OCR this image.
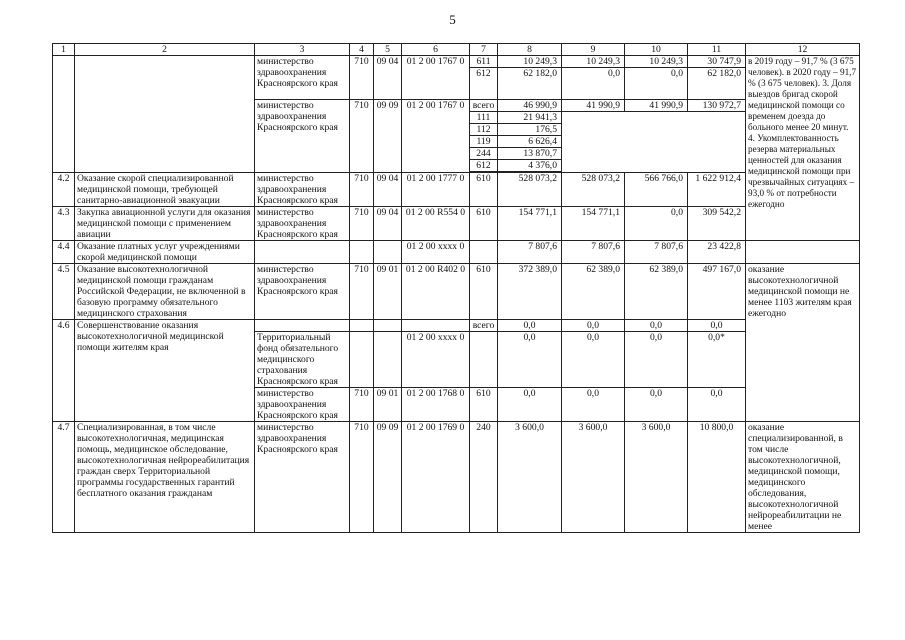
5
1	2	3	4	5	6	7	8	9	10	11	12
		министерство здравоохранения Красноярского края	710	09 04	01 2 00 1767 0	611	10 249,3	10 249,3	10 249,3	30 747,9	в 2019 году – 91,7 % (3 675 человек). в 2020 году – 91,7 % (3 675 человек). 3. Доля выездов бригад скорой медицинской помощи со временем доезда до больного менее 20 минут. 4. Укомплектованность резерва материальных ценностей для оказания медицинской помощи при чрезвычайных ситуациях – 93,0 % от потребности ежегодно
						612	62 182,0	0,0	0,0	62 182,0	
		министерство здравоохранения Красноярского края	710	09 09	01 2 00 1767 0	всего	46 990,9	41 990,9	41 990,9	130 972,7	
						111	21 941,3				
						112	176,5				
						119	6 626,4				
						244	13 870,7				
						612	4 376,0				

4.2	Оказание скорой специализированной медицинской помощи, требующей санитарно-авиационной эвакуации	министерство здравоохранения Красноярского края	710	09 04	01 2 00 1777 0	610	528 073,2	528 073,2	566 766,0	1 622 912,4	
4.3	Закупка авиационной услуги для оказания медицинской помощи с применением авиации	министерство здравоохранения Красноярского края	710	09 04	01 2 00 R554 0	610	154 771,1	154 771,1	0,0	309 542,2	
4.4	Оказание платных услуг учреждениями скорой медицинской помощи				01 2 00 xxxx 0		7 807,6	7 807,6	7 807,6	23 422,8	
4.5	Оказание высокотехнологичной медицинской помощи гражданам Российской Федерации, не включенной в базовую программу обязательного медицинского страхования	министерство здравоохранения Красноярского края	710	09 01	01 2 00 R402 0	610	372 389,0	62 389,0	62 389,0	497 167,0	оказание высокотехнологичной медицинской помощи не менее 1103 жителям края ежегодно
4.6	Совершенствование оказания высокотехнологичной медицинской помощи жителям края					всего	0,0	0,0	0,0	0,0	
		Территориальный фонд обязательного медицинского страхования Красноярского края			01 2 00 xxxx 0		0,0	0,0	0,0	0,0*	
		министерство здравоохранения Красноярского края	710	09 01	01 2 00 1768 0	610	0,0	0,0	0,0	0,0	
4.7	Специализированная, в том числе высокотехнологичная, медицинская помощь, медицинское обследование, высокотехнологичная нейрореабилитация граждан сверх Территориальной программы государственных гарантий бесплатного оказания гражданам	министерство здравоохранения Красноярского края	710	09 09	01 2 00 1769 0	240	3 600,0	3 600,0	3 600,0	10 800,0	оказание специализированной, в том числе высокотехнологичной, медицинской помощи, медицинского обследования, высокотехнологичной нейрореабилитации не менее
